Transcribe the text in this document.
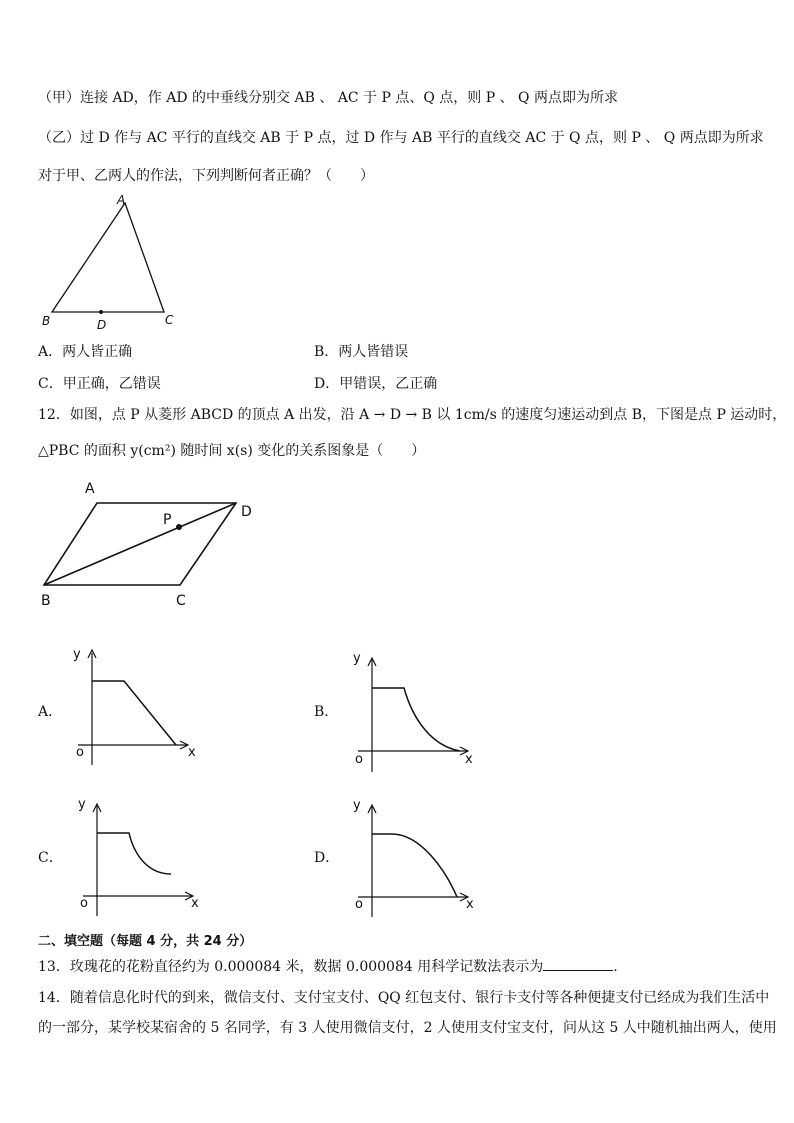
（甲）连接 AD，作 AD 的中垂线分别交 AB 、 AC 于 P 点、Q 点，则 P 、 Q 两点即为所求
（乙）过 D 作与 AC 平行的直线交 AB 于 P 点，过 D 作与 AB 平行的直线交 AC 于 Q 点，则 P 、 Q 两点即为所求
对于甲、乙两人的作法，下列判断何者正确？（　　）
A
B	C
D
A．两人皆正确	B．两人皆错误
C．甲正确，乙错误	D．甲错误，乙正确
12．如图，点 P 从菱形 ABCD 的顶点 A 出发，沿 A → D → B 以 1cm/s 的速度匀速运动到点 B，下图是点 P 运动时，
△PBC 的面积 y(cm²) 随时间 x(s) 变化的关系图象是（　　）
A
D
P
B	C
A．
y
x
o
B．
y
x
o
C．
y
x
o
D．
y
x
o
二、填空题（每题 4 分，共 24 分）
13．玫瑰花的花粉直径约为 0.000084 米，数据 0.000084 用科学记数法表示为	.
14．随着信息化时代的到来，微信支付、支付宝支付、QQ 红包支付、银行卡支付等各种便捷支付已经成为我们生活中
的一部分，某学校某宿舍的 5 名同学，有 3 人使用微信支付，2 人使用支付宝支付，问从这 5 人中随机抽出两人，使用
